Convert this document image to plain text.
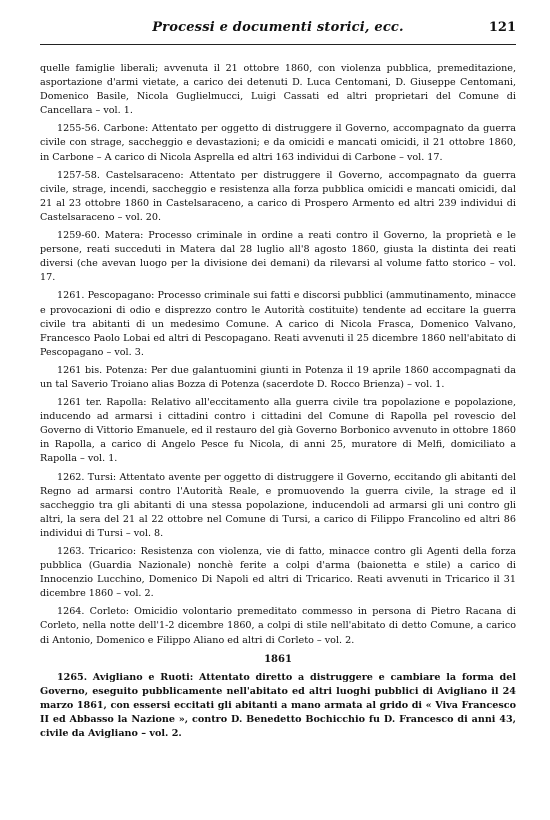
Processi e documenti storici, ecc.	121

quelle famiglie liberali; avvenuta il 21 ottobre 1860, con violenza pubblica, premeditazione, asportazione d'armi vietate, a carico dei detenuti D. Luca Centomani, D. Giuseppe Centomani, Domenico Basile, Nicola Guglielmucci, Luigi Cassati ed altri proprietari del Comune di Cancellara – vol. 1.

1255-56. Carbone: Attentato per oggetto di distruggere il Governo, accompagnato da guerra civile con strage, saccheggio e devastazioni; e da omicidi e mancati omicidi, il 21 ottobre 1860, in Carbone – A carico di Nicola Asprella ed altri 163 individui di Carbone – vol. 17.

1257-58. Castelsaraceno: Attentato per distruggere il Governo, accompagnato da guerra civile, strage, incendi, saccheggio e resistenza alla forza pubblica omicidi e mancati omicidi, dal 21 al 23 ottobre 1860 in Castelsaraceno, a carico di Prospero Armento ed altri 239 individui di Castelsaraceno – vol. 20.

1259-60. Matera: Processo criminale in ordine a reati contro il Governo, la proprietà e le persone, reati succeduti in Matera dal 28 luglio all'8 agosto 1860, giusta la distinta dei reati diversi (che avevan luogo per la divisione dei demani) da rilevarsi al volume fatto storico – vol. 17.

1261. Pescopagano: Processo criminale sui fatti e discorsi pubblici (ammutinamento, minacce e provocazioni di odio e disprezzo contro le Autorità costituite) tendente ad eccitare la guerra civile tra abitanti di un medesimo Comune. A carico di Nicola Frasca, Domenico Valvano, Francesco Paolo Lobai ed altri di Pescopagano. Reati avvenuti il 25 dicembre 1860 nell'abitato di Pescopagano – vol. 3.

1261 bis. Potenza: Per due galantuomini giunti in Potenza il 19 aprile 1860 accompagnati da un tal Saverio Troiano alias Bozza di Potenza (sacerdote D. Rocco Brienza) – vol. 1.

1261 ter. Rapolla: Relativo all'eccitamento alla guerra civile tra popolazione e popolazione, inducendo ad armarsi i cittadini contro i cittadini del Comune di Rapolla pel rovescio del Governo di Vittorio Emanuele, ed il restauro del già Governo Borbonico avvenuto in ottobre 1860 in Rapolla, a carico di Angelo Pesce fu Nicola, di anni 25, muratore di Melfi, domiciliato a Rapolla – vol. 1.

1262. Tursi: Attentato avente per oggetto di distruggere il Governo, eccitando gli abitanti del Regno ad armarsi contro l'Autorità Reale, e promuovendo la guerra civile, la strage ed il saccheggio tra gli abitanti di una stessa popolazione, inducendoli ad armarsi gli uni contro gli altri, la sera del 21 al 22 ottobre nel Comune di Tursi, a carico di Filippo Francolino ed altri 86 individui di Tursi – vol. 8.

1263. Tricarico: Resistenza con violenza, vie di fatto, minacce contro gli Agenti della forza pubblica (Guardia Nazionale) nonchè ferite a colpi d'arma (baionetta e stile) a carico di Innocenzio Lucchino, Domenico Di Napoli ed altri di Tricarico. Reati avvenuti in Tricarico il 31 dicembre 1860 – vol. 2.

1264. Corleto: Omicidio volontario premeditato commesso in persona di Pietro Racana di Corleto, nella notte dell'1-2 dicembre 1860, a colpi di stile nell'abitato di detto Comune, a carico di Antonio, Domenico e Filippo Aliano ed altri di Corleto – vol. 2.

1861

1265. Avigliano e Ruoti: Attentato diretto a distruggere e cambiare la forma del Governo, eseguito pubblicamente nell'abitato ed altri luoghi pubblici di Avigliano il 24 marzo 1861, con essersi eccitati gli abitanti a mano armata al grido di « Viva Francesco II ed Abbasso la Nazione », contro D. Benedetto Bochicchio fu D. Francesco di anni 43, civile da Avigliano – vol. 2.
